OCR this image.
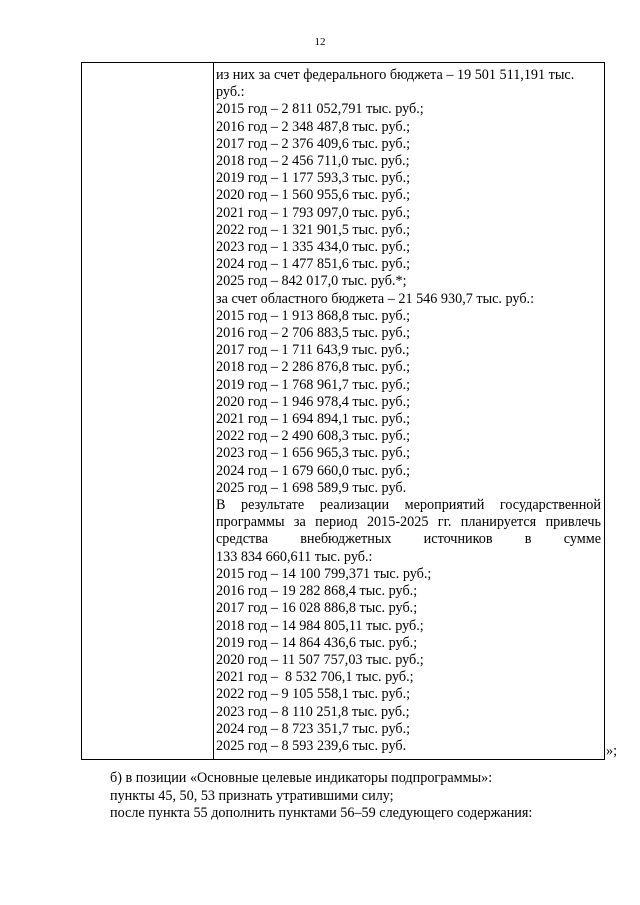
12
из них за счет федерального бюджета – 19 501 511,191 тыс. руб.:
2015 год – 2 811 052,791 тыс. руб.;
2016 год – 2 348 487,8 тыс. руб.;
2017 год – 2 376 409,6 тыс. руб.;
2018 год – 2 456 711,0 тыс. руб.;
2019 год – 1 177 593,3 тыс. руб.;
2020 год – 1 560 955,6 тыс. руб.;
2021 год – 1 793 097,0 тыс. руб.;
2022 год – 1 321 901,5 тыс. руб.;
2023 год – 1 335 434,0 тыс. руб.;
2024 год – 1 477 851,6 тыс. руб.;
2025 год – 842 017,0 тыс. руб.*;
за счет областного бюджета – 21 546 930,7 тыс. руб.:
2015 год – 1 913 868,8 тыс. руб.;
2016 год – 2 706 883,5 тыс. руб.;
2017 год – 1 711 643,9 тыс. руб.;
2018 год – 2 286 876,8 тыс. руб.;
2019 год – 1 768 961,7 тыс. руб.;
2020 год – 1 946 978,4 тыс. руб.;
2021 год – 1 694 894,1 тыс. руб.;
2022 год – 2 490 608,3 тыс. руб.;
2023 год – 1 656 965,3 тыс. руб.;
2024 год – 1 679 660,0 тыс. руб.;
2025 год – 1 698 589,9 тыс. руб.
В результате реализации мероприятий государственной
программы за период 2015-2025 гг. планируется привлечь
средства внебюджетных источников в сумме
133 834 660,611 тыс. руб.:
2015 год – 14 100 799,371 тыс. руб.;
2016 год – 19 282 868,4 тыс. руб.;
2017 год – 16 028 886,8 тыс. руб.;
2018 год – 14 984 805,11 тыс. руб.;
2019 год – 14 864 436,6 тыс. руб.;
2020 год – 11 507 757,03 тыс. руб.;
2021 год –  8 532 706,1 тыс. руб.;
2022 год – 9 105 558,1 тыс. руб.;
2023 год – 8 110 251,8 тыс. руб.;
2024 год – 8 723 351,7 тыс. руб.;
2025 год – 8 593 239,6 тыс. руб.	»;
б) в позиции «Основные целевые индикаторы подпрограммы»:
пункты 45, 50, 53 признать утратившими силу;
после пункта 55 дополнить пунктами 56–59 следующего содержания:
